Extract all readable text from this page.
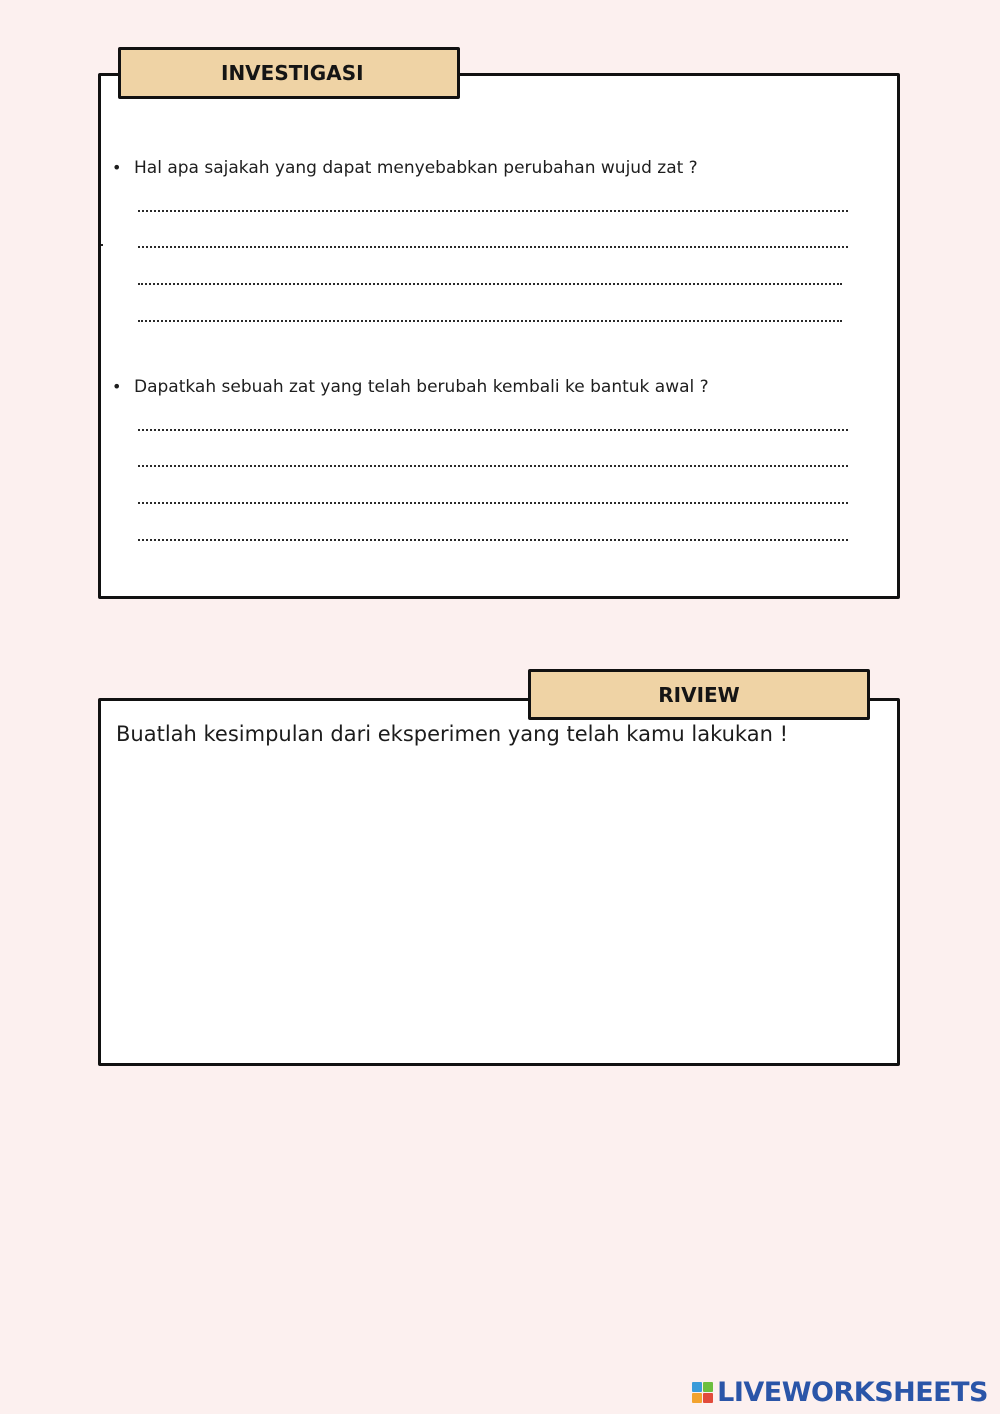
INVESTIGASI
• Hal apa sajakah yang dapat menyebabkan perubahan wujud zat ?
• Dapatkah sebuah zat yang telah berubah kembali ke bantuk awal ?
RIVIEW
Buatlah kesimpulan dari eksperimen yang telah kamu lakukan !
LIVEWORKSHEETS
